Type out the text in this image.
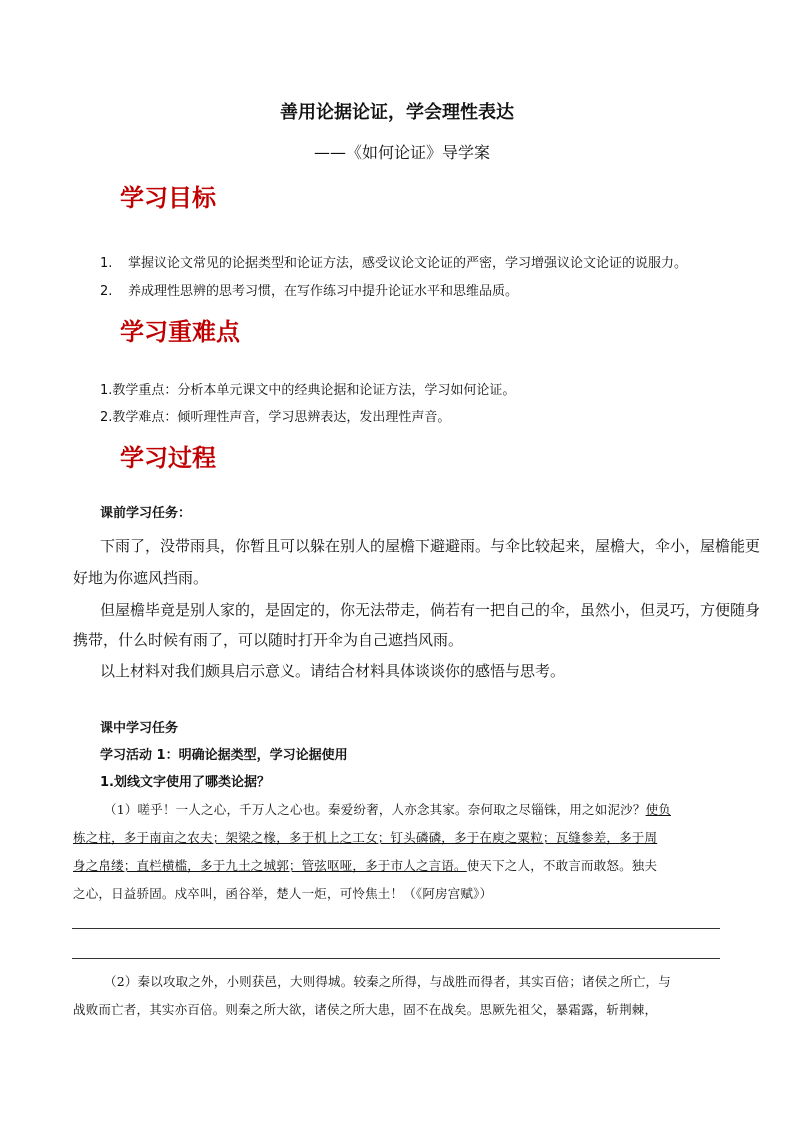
善用论据论证，学会理性表达
——《如何论证》导学案
学习目标
1. 掌握议论文常见的论据类型和论证方法，感受议论文论证的严密，学习增强议论文论证的说服力。
2. 养成理性思辨的思考习惯，在写作练习中提升论证水平和思维品质。
学习重难点
1.教学重点：分析本单元课文中的经典论据和论证方法，学习如何论证。
2.教学难点：倾听理性声音，学习思辨表达，发出理性声音。
学习过程
课前学习任务：
下雨了，没带雨具，你暂且可以躲在别人的屋檐下避避雨。与伞比较起来，屋檐大，伞小，屋檐能更
好地为你遮风挡雨。
但屋檐毕竟是别人家的，是固定的，你无法带走，倘若有一把自己的伞，虽然小，但灵巧，方便随身
携带，什么时候有雨了，可以随时打开伞为自己遮挡风雨。
以上材料对我们颇具启示意义。请结合材料具体谈谈你的感悟与思考。
课中学习任务
学习活动 1：明确论据类型，学习论据使用
1.划线文字使用了哪类论据？
（1）嗟乎！一人之心，千万人之心也。秦爱纷奢，人亦念其家。奈何取之尽锱铢，用之如泥沙？使负
栋之柱，多于南亩之农夫；架梁之椽，多于机上之工女；钉头磷磷，多于在庾之粟粒；瓦缝参差，多于周
身之帛缕；直栏横槛，多于九土之城郭；管弦呕哑，多于市人之言语。使天下之人，不敢言而敢怒。独夫
之心，日益骄固。戍卒叫，函谷举，楚人一炬，可怜焦土！（《阿房宫赋》）
（2）秦以攻取之外，小则获邑，大则得城。较秦之所得，与战胜而得者，其实百倍；诸侯之所亡，与
战败而亡者，其实亦百倍。则秦之所大欲，诸侯之所大患，固不在战矣。思厥先祖父，暴霜露，斩荆棘，
